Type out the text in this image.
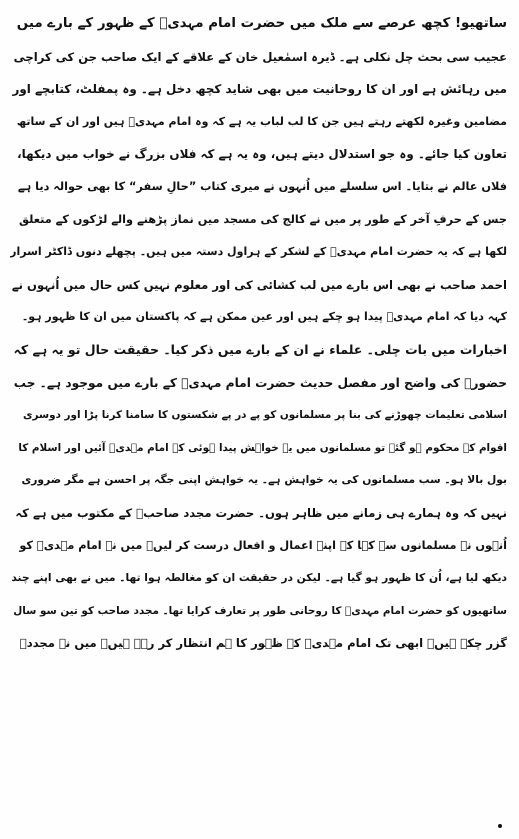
ساتھیو! کچھ عرصے سے ملک میں حضرت امام مہدیؑ کے ظہور کے بارے میں
عجیب سی بحث چل نکلی ہے۔ ڈیرہ اسمٰعیل خان کے علاقے کے ایک صاحب جن کی کراچی
میں رہائش ہے اور ان کا روحانیت میں بھی شاید کچھ دخل ہے۔ وہ پمفلٹ، کتابچے اور
مضامین وغیرہ لکھتے رہتے ہیں جن کا لب لباب یہ ہے کہ وہ امام مہدیؑ ہیں اور ان کے ساتھ
تعاون کیا جائے۔ وہ جو استدلال دیتے ہیں، وہ یہ ہے کہ فلاں بزرگ نے خواب میں دیکھا،
فلاں عالم نے بتایا۔ اس سلسلے میں اُنہوں نے میری کتاب ”حالِ سفر“ کا بھی حوالہ دیا ہے
جس کے حرفِ آخر کے طور پر میں نے کالج کی مسجد میں نماز پڑھنے والے لڑکوں کے متعلق
لکھا ہے کہ یہ حضرت امام مہدیؑ کے لشکر کے ہراول دستہ میں ہیں۔ پچھلے دنوں ڈاکٹر اسرار
احمد صاحب نے بھی اس بارے میں لب کشائی کی اور معلوم نہیں کس حال میں اُنہوں نے
کہہ دیا کہ امام مہدیؑ پیدا ہو چکے ہیں اور عین ممکن ہے کہ پاکستان میں ان کا ظہور ہو۔
اخبارات میں بات چلی۔ علماء نے ان کے بارے میں ذکر کیا۔ حقیقت حال تو یہ ہے کہ
حضورﷺ کی واضح اور مفصل حدیث حضرت امام مہدیؑ کے بارے میں موجود ہے۔ جب
اسلامی تعلیمات چھوڑنے کی بنا پر مسلمانوں کو پے در پے شکستوں کا سامنا کرنا پڑا اور دوسری
اقوام کے محکوم ہو گئے تو مسلمانوں میں یہ خواہش پیدا ہوئی کہ امام مہدیؑ آئیں اور اسلام کا
بول بالا ہو۔ سب مسلمانوں کی یہ خواہش ہے۔ یہ خواہش اپنی جگہ پر احسن ہے مگر ضروری
نہیں کہ وہ ہمارے ہی زمانے میں ظاہر ہوں۔ حضرت مجدد صاحبؒ کے مکتوب میں ہے کہ
اُنہوں نے مسلمانوں سے کہا کہ اپنے اعمال و افعال درست کر لیں۔ میں نے امام مہدیؑ کو
دیکھ لیا ہے، اُن کا ظہور ہو گیا ہے۔ لیکن در حقیقت ان کو مغالطہ ہوا تھا۔ میں نے بھی اپنے چند
ساتھیوں کو حضرت امام مہدیؑ کا روحانی طور پر تعارف کرایا تھا۔ مجدد صاحب کو تین سو سال
گزر چکے ہیں۔ ابھی تک امام مہدیؑ کے ظہور کا ہم انتظار کر رہے ہیں۔ میں نے مجددؒ
